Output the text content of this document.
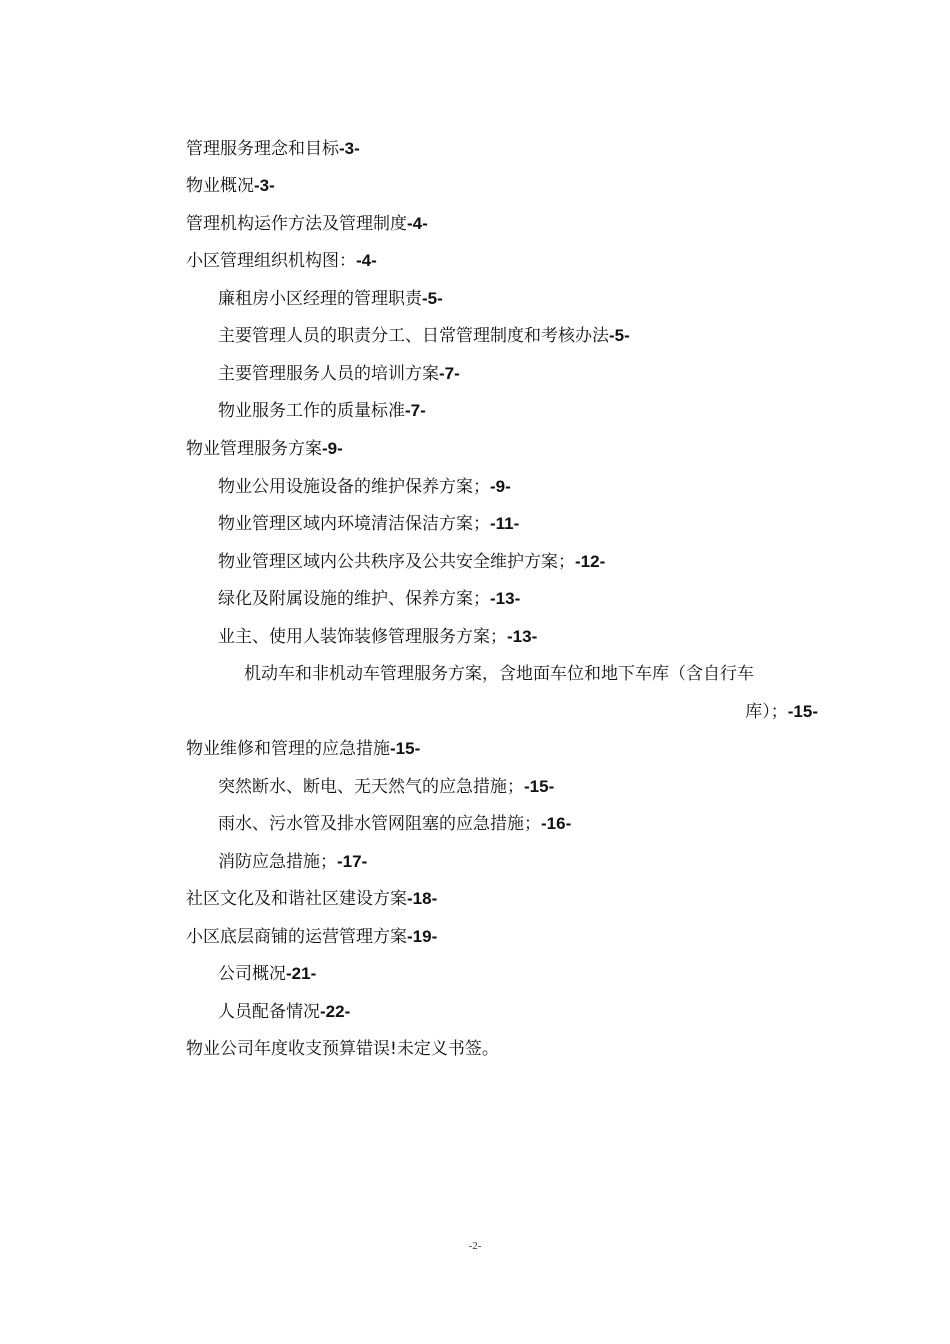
管理服务理念和目标-3-
物业概况-3-
管理机构运作方法及管理制度-4-
小区管理组织机构图：-4-
廉租房小区经理的管理职责-5-
主要管理人员的职责分工、日常管理制度和考核办法-5-
主要管理服务人员的培训方案-7-
物业服务工作的质量标准-7-
物业管理服务方案-9-
物业公用设施设备的维护保养方案；-9-
物业管理区域内环境清洁保洁方案；-11-
物业管理区域内公共秩序及公共安全维护方案；-12-
绿化及附属设施的维护、保养方案；-13-
业主、使用人装饰装修管理服务方案；-13-
机动车和非机动车管理服务方案，含地面车位和地下车库（含自行车
库）；-15-
物业维修和管理的应急措施-15-
突然断水、断电、无天然气的应急措施；-15-
雨水、污水管及排水管网阻塞的应急措施；-16-
消防应急措施；-17-
社区文化及和谐社区建设方案-18-
小区底层商铺的运营管理方案-19-
公司概况-21-
人员配备情况-22-
物业公司年度收支预算错误!未定义书签。
-2-
